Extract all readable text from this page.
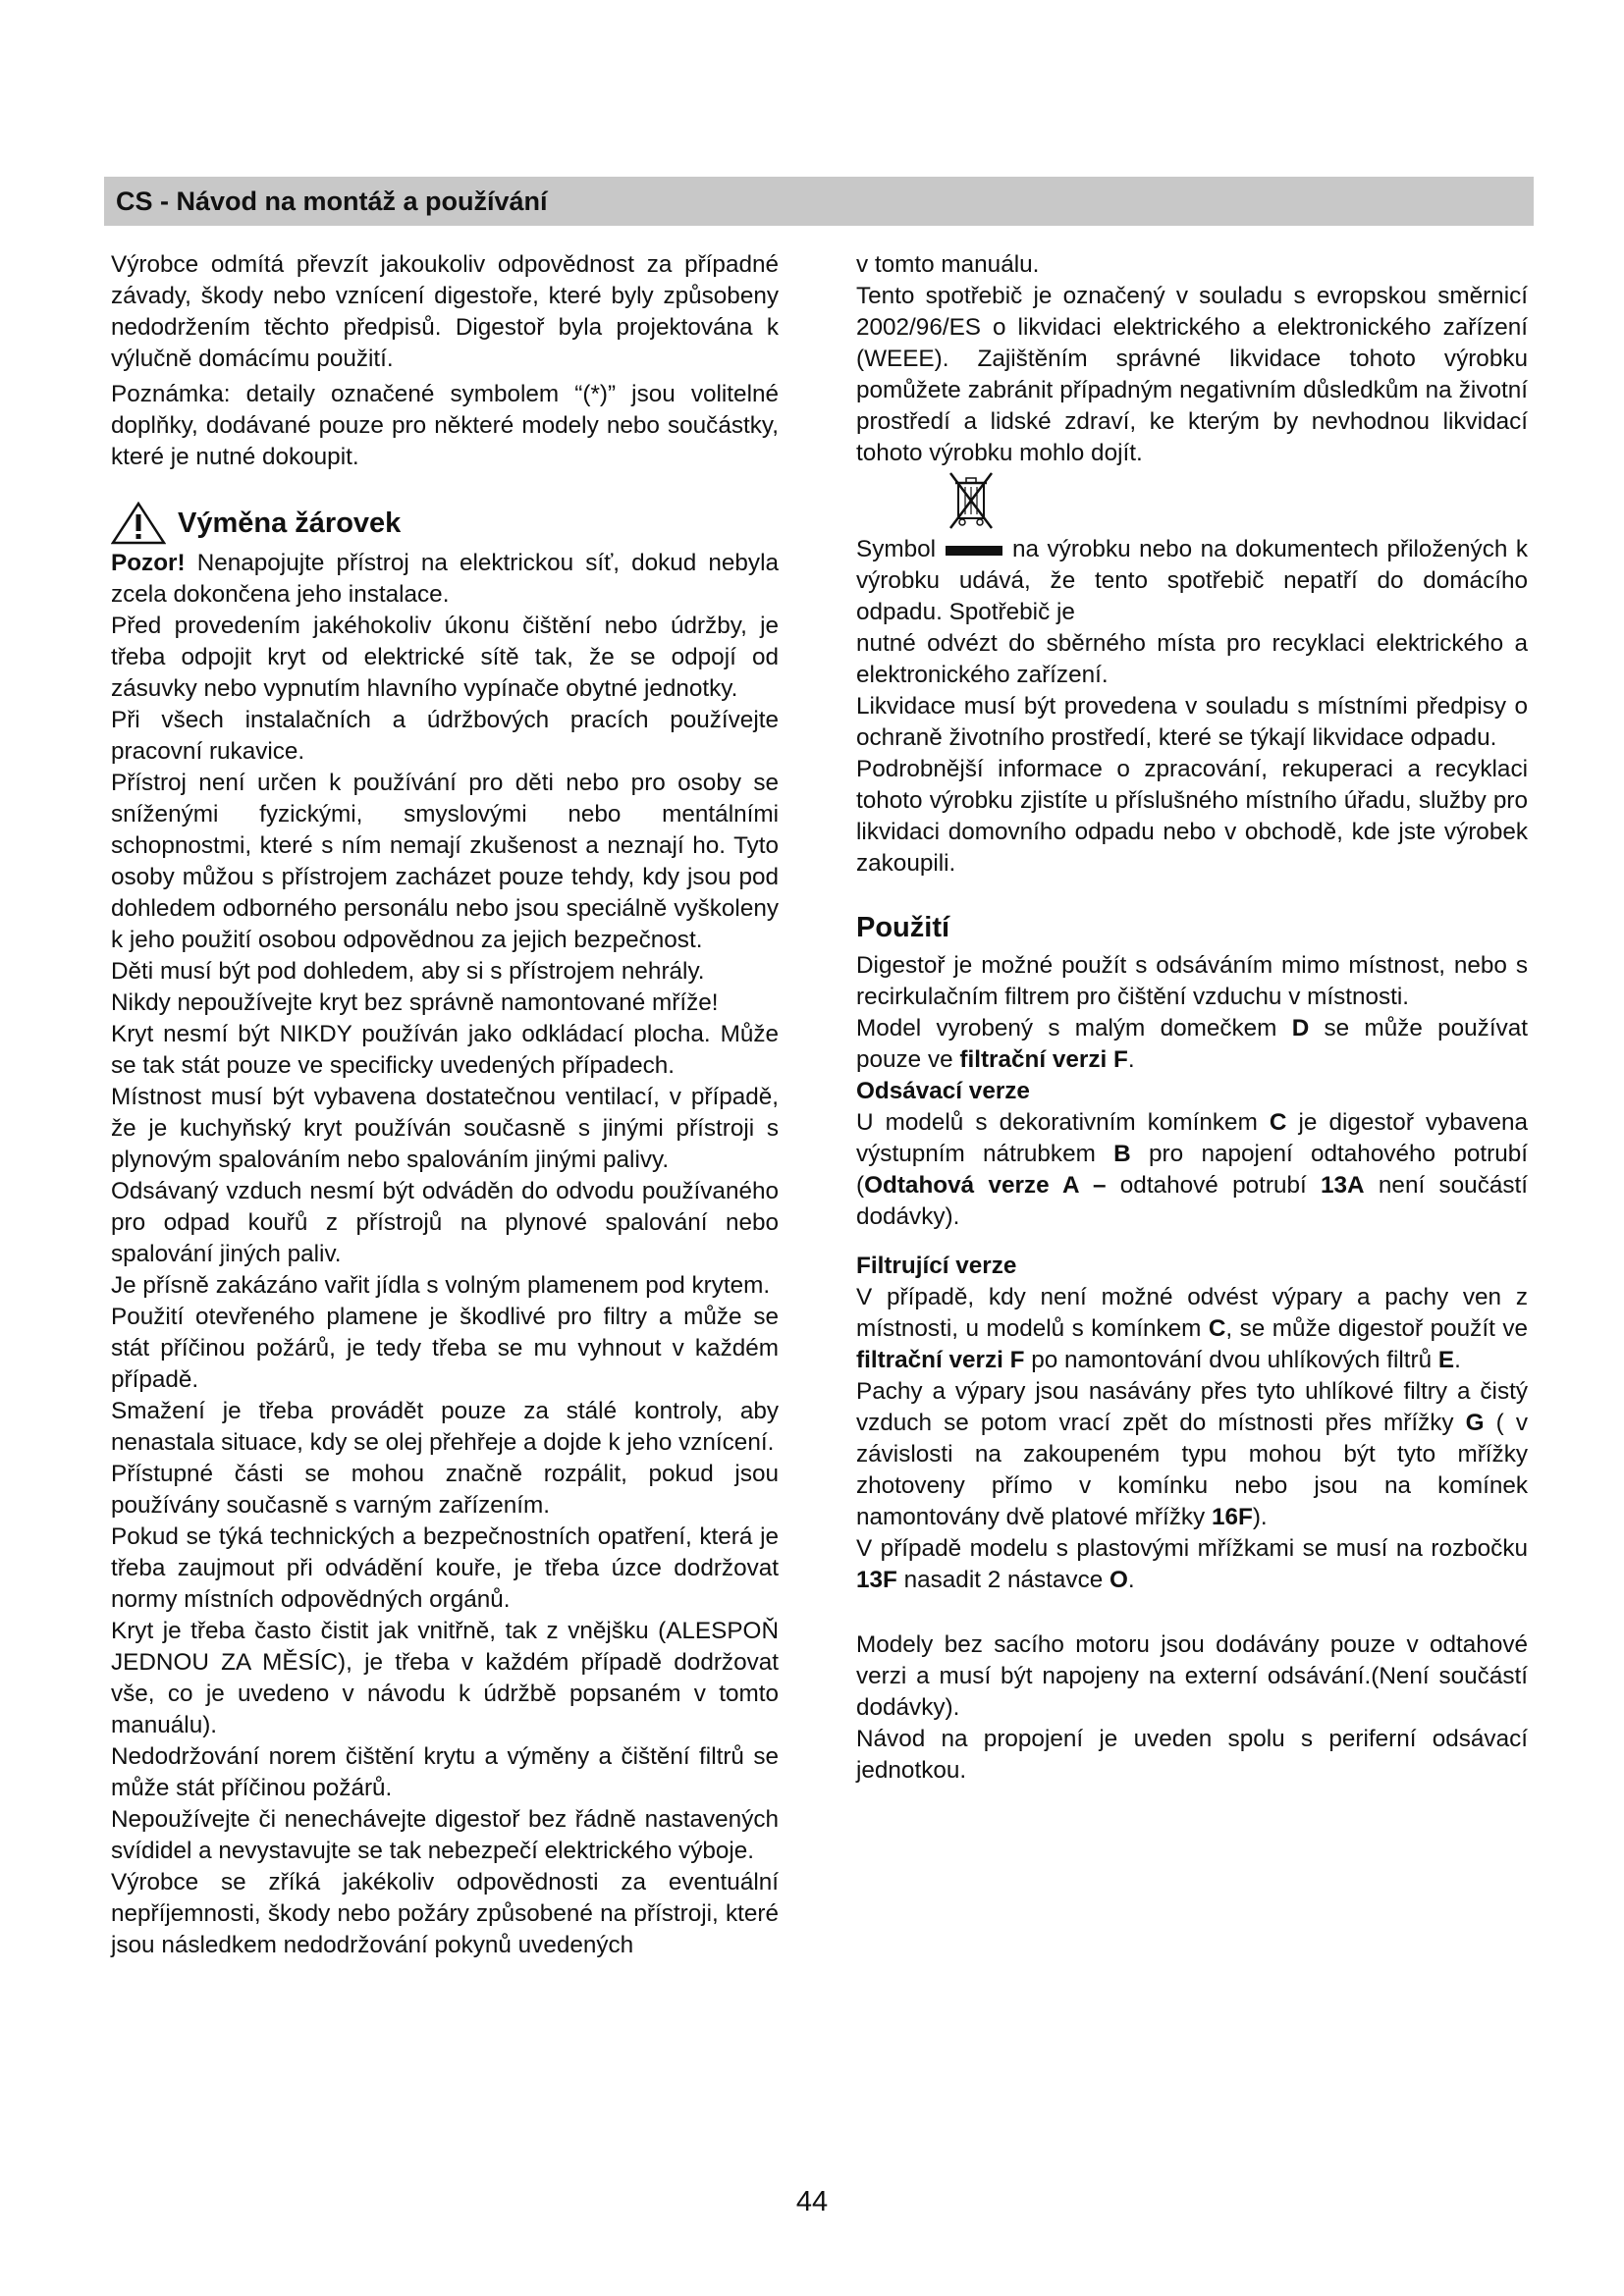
CS - Návod na montáž a používání

Výrobce odmítá převzít jakoukoliv odpovědnost za případné závady, škody nebo vznícení digestoře, které byly způsobeny nedodržením těchto předpisů. Digestoř byla projektována k výlučně domácímu použití.

Poznámka: detaily označené symbolem “(*)” jsou volitelné doplňky, dodávané pouze pro některé modely nebo součástky, které je nutné dokoupit.

Výměna žárovek

Pozor! Nenapojujte přístroj na elektrickou síť, dokud nebyla zcela dokončena jeho instalace.

Před provedením jakéhokoliv úkonu čištění nebo údržby, je třeba odpojit kryt od elektrické sítě tak, že se odpojí od zásuvky nebo vypnutím hlavního vypínače obytné jednotky.

Při všech instalačních a údržbových pracích používejte pracovní rukavice.

Přístroj není určen k používání pro děti nebo pro osoby se sníženými fyzickými, smyslovými nebo mentálními schopnostmi, které s ním nemají zkušenost a neznají ho. Tyto osoby můžou s přístrojem zacházet pouze tehdy, kdy jsou pod dohledem odborného personálu nebo jsou speciálně vyškoleny k jeho použití osobou odpovědnou za jejich bezpečnost.

Děti musí být pod dohledem, aby si s přístrojem nehrály.

Nikdy nepoužívejte kryt bez správně namontované mříže!

Kryt nesmí být NIKDY používán jako odkládací plocha. Může se tak stát pouze ve specificky uvedených případech.

Místnost musí být vybavena dostatečnou ventilací, v případě, že je kuchyňský kryt používán současně s jinými přístroji s plynovým spalováním nebo spalováním jinými palivy.

Odsávaný vzduch nesmí být odváděn do odvodu používaného pro odpad kouřů z přístrojů na plynové spalování nebo spalování jiných paliv.

Je přísně zakázáno vařit jídla s volným plamenem pod krytem.

Použití otevřeného plamene je škodlivé pro filtry a může se stát příčinou požárů, je tedy třeba se mu vyhnout v každém případě.

Smažení je třeba provádět pouze za stálé kontroly, aby nenastala situace, kdy se olej přehřeje a dojde k jeho vznícení.

Přístupné části se mohou značně rozpálit, pokud jsou používány současně s varným zařízením.

Pokud se týká technických a bezpečnostních opatření, která je třeba zaujmout při odvádění kouře, je třeba úzce dodržovat normy místních odpovědných orgánů.

Kryt je třeba často čistit jak vnitřně, tak z vnějšku (ALESPOŇ JEDNOU ZA MĚSÍC), je třeba v každém případě dodržovat vše, co je uvedeno v návodu k údržbě popsaném v tomto manuálu).

Nedodržování norem čištění krytu a výměny a čištění filtrů se může stát příčinou požárů.

Nepoužívejte či nenechávejte digestoř bez řádně nastavených svídidel a nevystavujte se tak nebezpečí elektrického výboje.

Výrobce se zříká jakékoliv odpovědnosti za eventuální nepříjemnosti, škody nebo požáry způsobené na přístroji, které jsou následkem nedodržování pokynů uvedených

v tomto manuálu.

Tento spotřebič je označený v souladu s evropskou směrnicí 2002/96/ES o likvidaci elektrického a elektronického zařízení (WEEE). Zajištěním správné likvidace tohoto výrobku pomůžete zabránit případným negativním důsledkům na životní prostředí a lidské zdraví, ke kterým by nevhodnou likvidací tohoto výrobku mohlo dojít.

Symbol	na výrobku nebo na dokumentech přiložených k výrobku udává, že tento spotřebič nepatří do domácího odpadu. Spotřebič je

nutné odvézt do sběrného místa pro recyklaci elektrického a elektronického zařízení.

Likvidace musí být provedena v souladu s místními předpisy o ochraně životního prostředí, které se týkají likvidace odpadu.

Podrobnější informace o zpracování, rekuperaci a recyklaci tohoto výrobku zjistíte u příslušného místního úřadu, služby pro likvidaci domovního odpadu nebo v obchodě, kde jste výrobek zakoupili.

Použití

Digestoř je možné použít s odsáváním mimo místnost, nebo s recirkulačním filtrem pro čištění vzduchu v místnosti.

Model vyrobený s malým domečkem D se může používat pouze ve filtrační verzi F.

Odsávací verze

U modelů s dekorativním komínkem C je digestoř vybavena výstupním nátrubkem B pro napojení odtahového potrubí (Odtahová verze A – odtahové potrubí 13A není součástí dodávky).

Filtrující verze

V případě, kdy není možné odvést výpary a pachy ven z místnosti, u modelů s komínkem C, se může digestoř použít ve filtrační verzi F po namontování dvou uhlíkových filtrů E.

Pachy a výpary jsou nasávány přes tyto uhlíkové filtry a čistý vzduch se potom vrací zpět do místnosti přes mřížky G ( v závislosti na zakoupeném typu mohou být tyto mřížky zhotoveny přímo v komínku nebo jsou na komínek namontovány dvě platové mřížky 16F).

V případě modelu s plastovými mřížkami se musí na rozbočku 13F nasadit 2 nástavce O.

Modely bez sacího motoru jsou dodávány pouze v odtahové verzi a musí být napojeny na externí odsávání.(Není součástí dodávky).

Návod na propojení je uveden spolu s periferní odsávací jednotkou.

44
